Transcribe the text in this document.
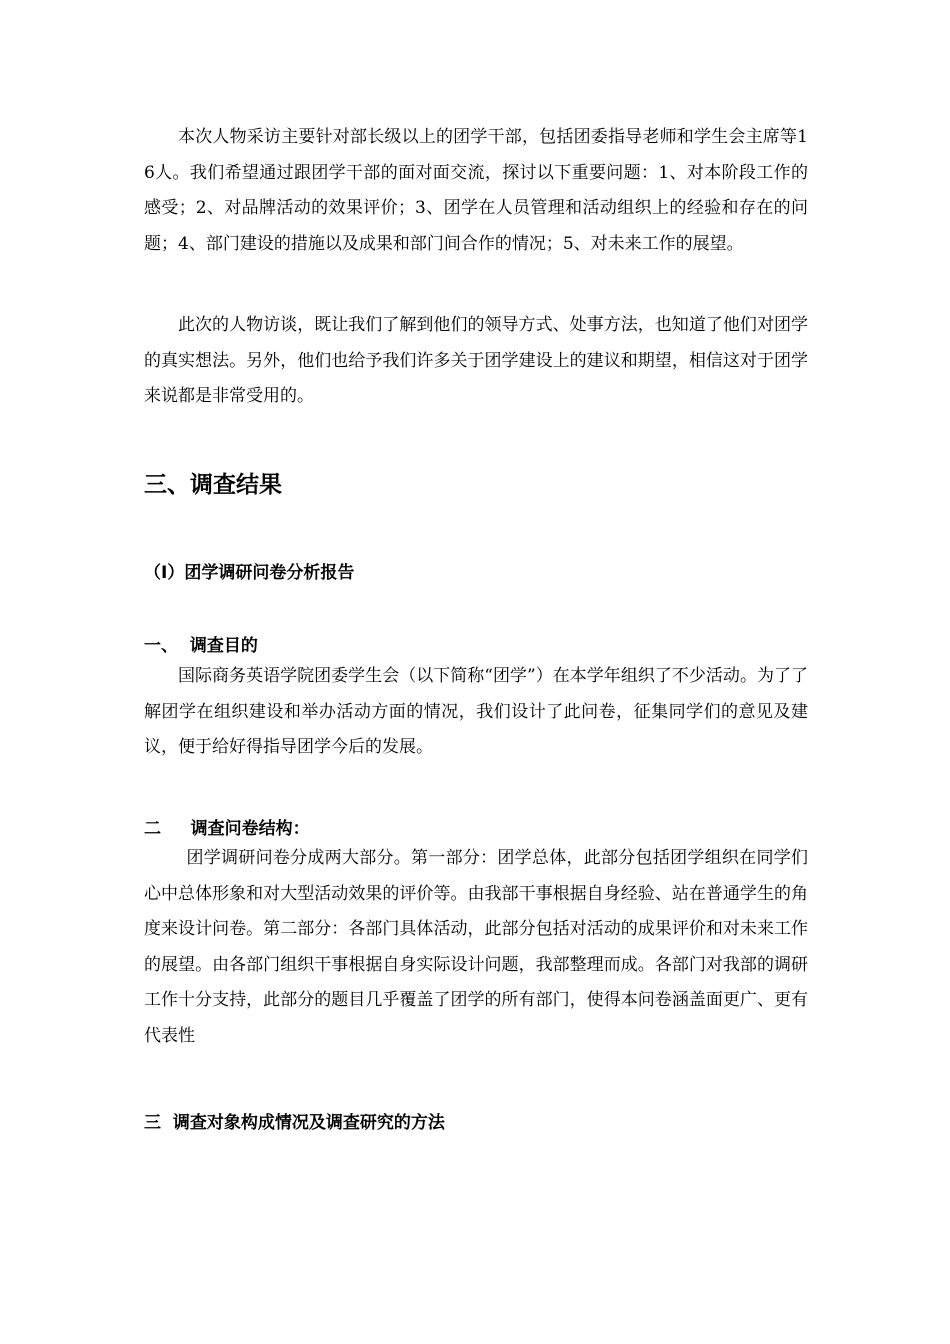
本次人物采访主要针对部长级以上的团学干部，包括团委指导老师和学生会主席等16人。我们希望通过跟团学干部的面对面交流，探讨以下重要问题：1、对本阶段工作的感受；2、对品牌活动的效果评价；3、团学在人员管理和活动组织上的经验和存在的问题；4、部门建设的措施以及成果和部门间合作的情况；5、对未来工作的展望。

此次的人物访谈，既让我们了解到他们的领导方式、处事方法，也知道了他们对团学的真实想法。另外，他们也给予我们许多关于团学建设上的建议和期望，相信这对于团学来说都是非常受用的。

三、调查结果
（Ⅰ）团学调研问卷分析报告
一、  调查目的

国际商务英语学院团委学生会（以下简称“团学”）在本学年组织了不少活动。为了了解团学在组织建设和举办活动方面的情况，我们设计了此问卷，征集同学们的意见及建议，便于给好得指导团学今后的发展。

二     调查问卷结构：

团学调研问卷分成两大部分。第一部分：团学总体，此部分包括团学组织在同学们心中总体形象和对大型活动效果的评价等。由我部干事根据自身经验、站在普通学生的角度来设计问卷。第二部分：各部门具体活动，此部分包括对活动的成果评价和对未来工作的展望。由各部门组织干事根据自身实际设计问题，我部整理而成。各部门对我部的调研工作十分支持，此部分的题目几乎覆盖了团学的所有部门，使得本问卷涵盖面更广、更有代表性

三  调查对象构成情况及调查研究的方法
